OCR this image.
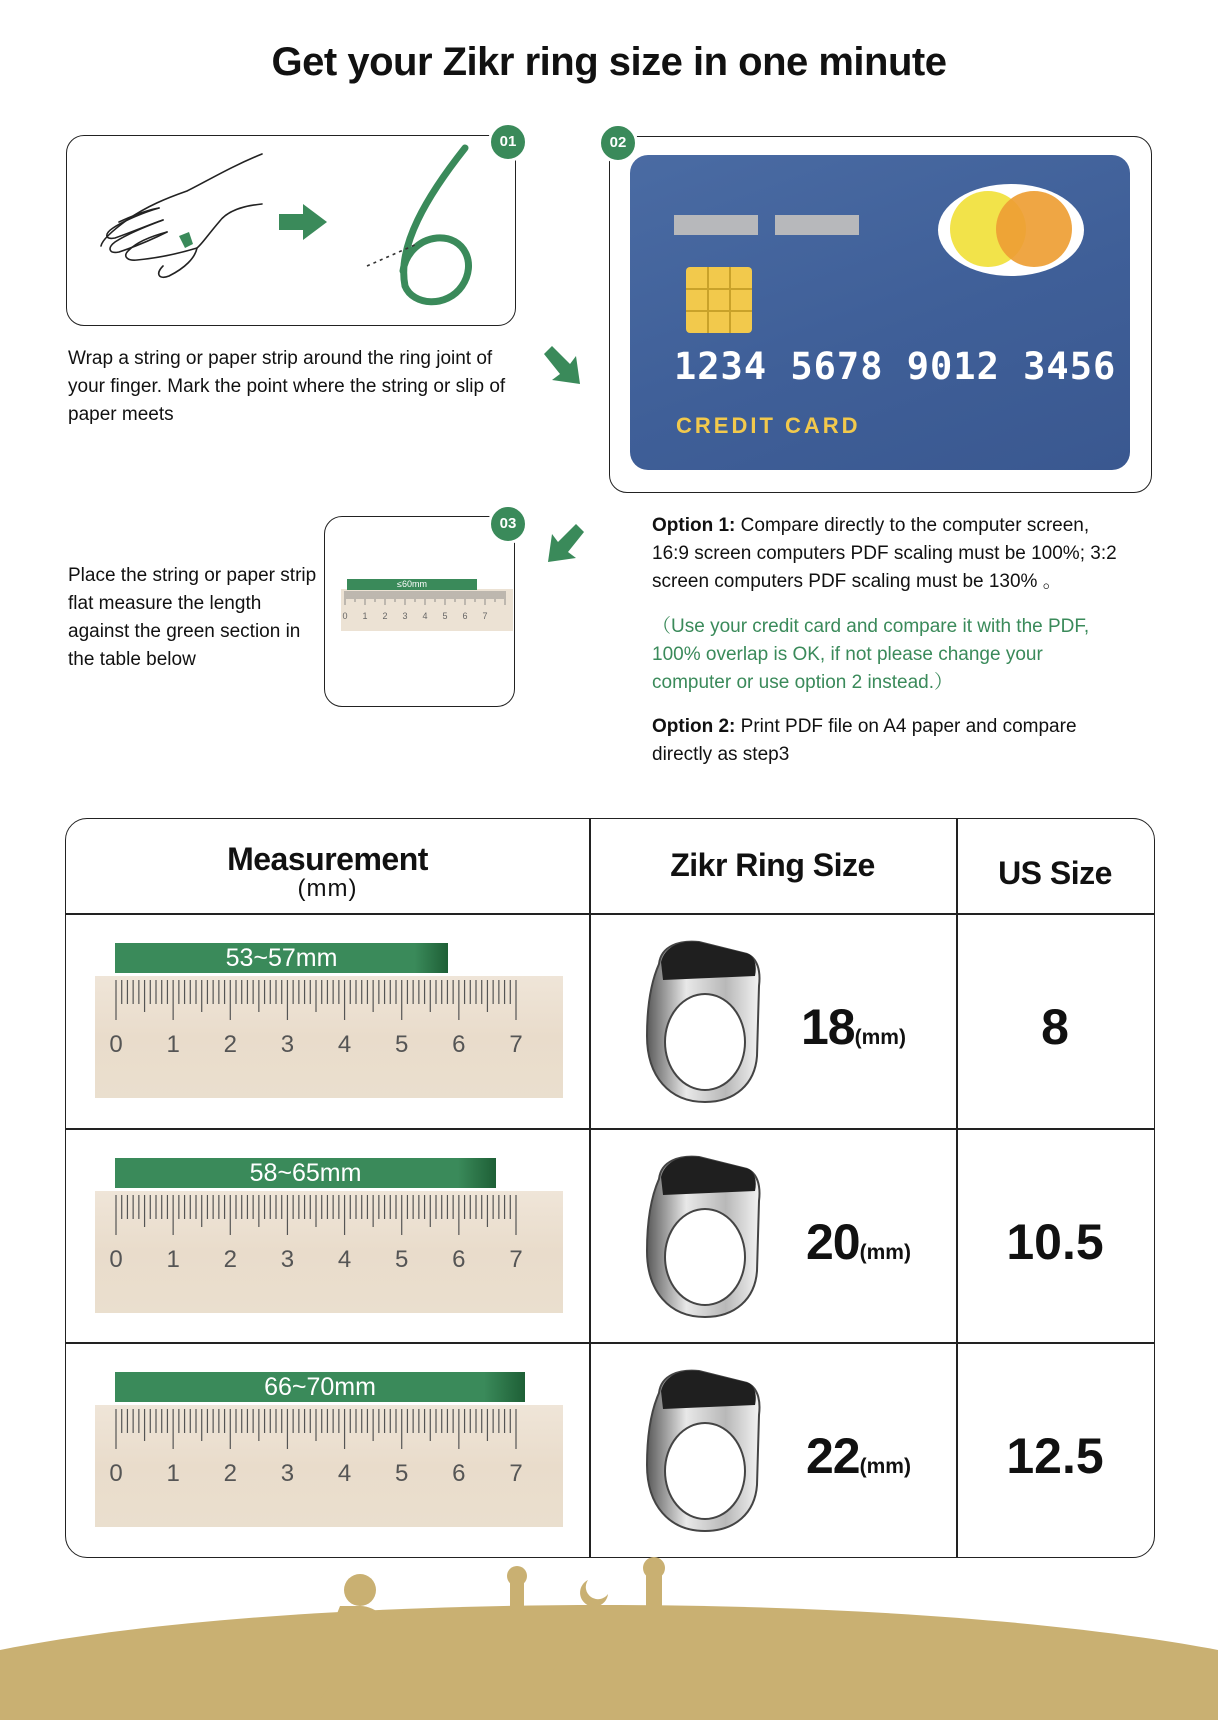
Get your Zikr ring size in one minute
01
Wrap a string or paper strip around the ring joint of your finger. Mark the point where the string or slip of paper meets
02
1234 5678 9012 3456
CREDIT CARD
Place the string or paper strip flat measure the length against the green section in the table below
0 1 2 3 4 5 6 7
≤60mm
03	Option 1: Compare directly to the computer screen, 16:9 screen computers PDF scaling must be 100%; 3:2 screen computers PDF scaling must be 130% 。
（Use your credit card and compare it with the PDF, 100% overlap is OK, if not please change your computer or use option 2 instead.）
Option 2: Print PDF file on A4 paper and compare directly as step3
Measurement
(mm)
Zikr Ring Size	US Size
0 1 2 3 4 5 6 7
53~57mm
18(mm)	8
0 1 2 3 4 5 6 7
58~65mm
20(mm)	10.5
0 1 2 3 4 5 6 7
66~70mm
22(mm)	12.5
